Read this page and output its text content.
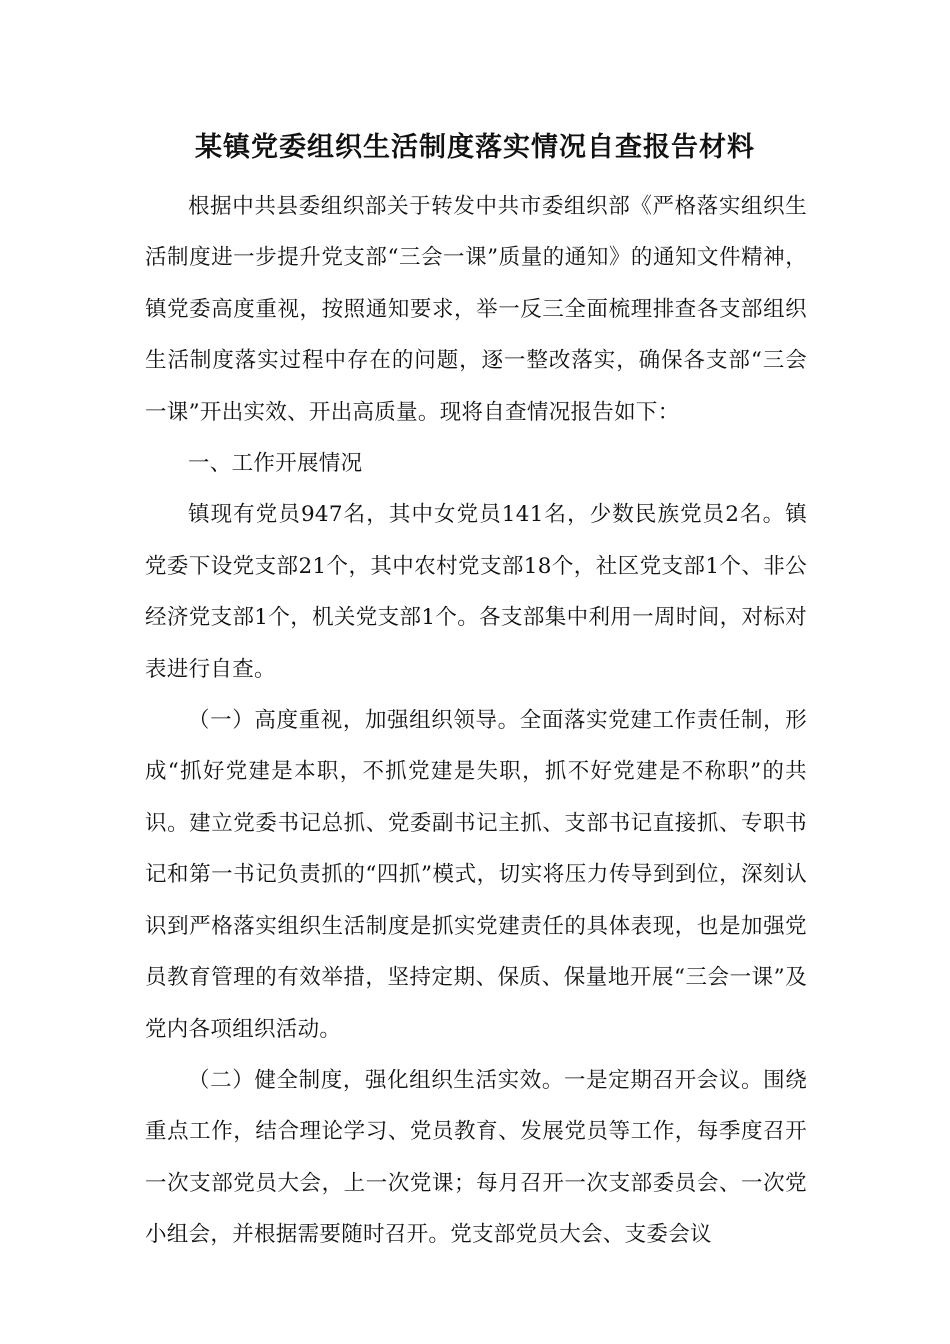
某镇党委组织生活制度落实情况自查报告材料

根据中共县委组织部关于转发中共市委组织部《严格落实组织生活制度进一步提升党支部“三会一课”质量的通知》的通知文件精神，镇党委高度重视，按照通知要求，举一反三全面梳理排查各支部组织生活制度落实过程中存在的问题，逐一整改落实，确保各支部“三会一课”开出实效、开出高质量。现将自查情况报告如下：

一、工作开展情况

镇现有党员947名，其中女党员141名，少数民族党员2名。镇党委下设党支部21个，其中农村党支部18个，社区党支部1个、非公经济党支部1个，机关党支部1个。各支部集中利用一周时间，对标对表进行自查。

（一）高度重视，加强组织领导。全面落实党建工作责任制，形成“抓好党建是本职，不抓党建是失职，抓不好党建是不称职”的共识。建立党委书记总抓、党委副书记主抓、支部书记直接抓、专职书记和第一书记负责抓的“四抓”模式，切实将压力传导到到位，深刻认识到严格落实组织生活制度是抓实党建责任的具体表现，也是加强党员教育管理的有效举措，坚持定期、保质、保量地开展“三会一课”及党内各项组织活动。

（二）健全制度，强化组织生活实效。一是定期召开会议。围绕重点工作，结合理论学习、党员教育、发展党员等工作，每季度召开一次支部党员大会，上一次党课；每月召开一次支部委员会、一次党小组会，并根据需要随时召开。党支部党员大会、支委会议
